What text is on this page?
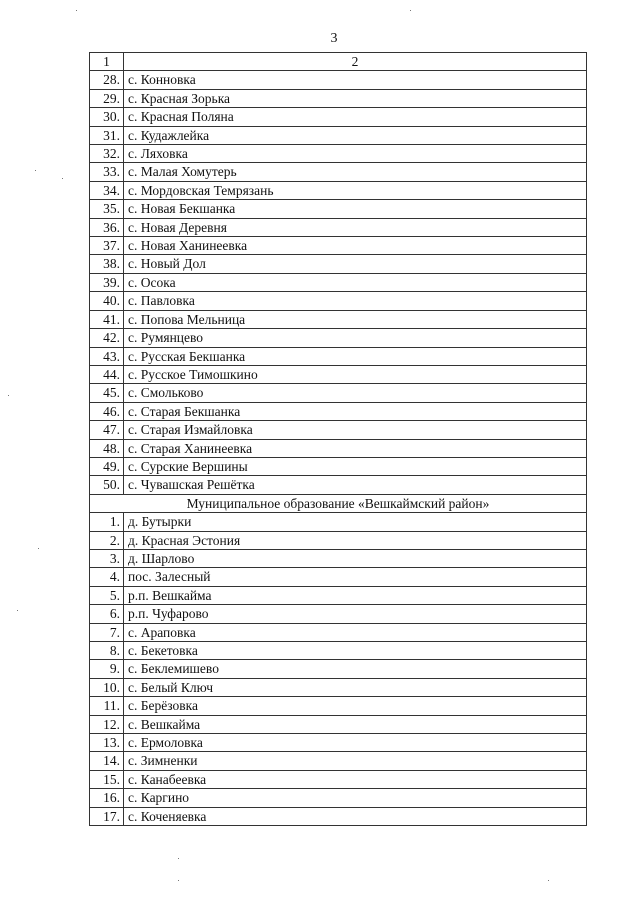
3
1	2
28.	с. Конновка
29.	с. Красная Зорька
30.	с. Красная Поляна
31.	с. Кудажлейка
32.	с. Ляховка
33.	с. Малая Хомутерь
34.	с. Мордовская Темрязань
35.	с. Новая Бекшанка
36.	с. Новая Деревня
37.	с. Новая Ханинеевка
38.	с. Новый Дол
39.	с. Осока
40.	с. Павловка
41.	с. Попова Мельница
42.	с. Румянцево
43.	с. Русская Бекшанка
44.	с. Русское Тимошкино
45.	с. Смольково
46.	с. Старая Бекшанка
47.	с. Старая Измайловка
48.	с. Старая Ханинеевка
49.	с. Сурские Вершины
50.	с. Чувашская Решётка
Муниципальное образование «Вешкаймский район»	
1.	д. Бутырки
2.	д. Красная Эстония
3.	д. Шарлово
4.	пос. Залесный
5.	р.п. Вешкайма
6.	р.п. Чуфарово
7.	с. Араповка
8.	с. Бекетовка
9.	с. Беклемишево
10.	с. Белый Ключ
11.	с. Берёзовка
12.	с. Вешкайма
13.	с. Ермоловка
14.	с. Зимненки
15.	с. Канабеевка
16.	с. Каргино
17.	с. Коченяевка
